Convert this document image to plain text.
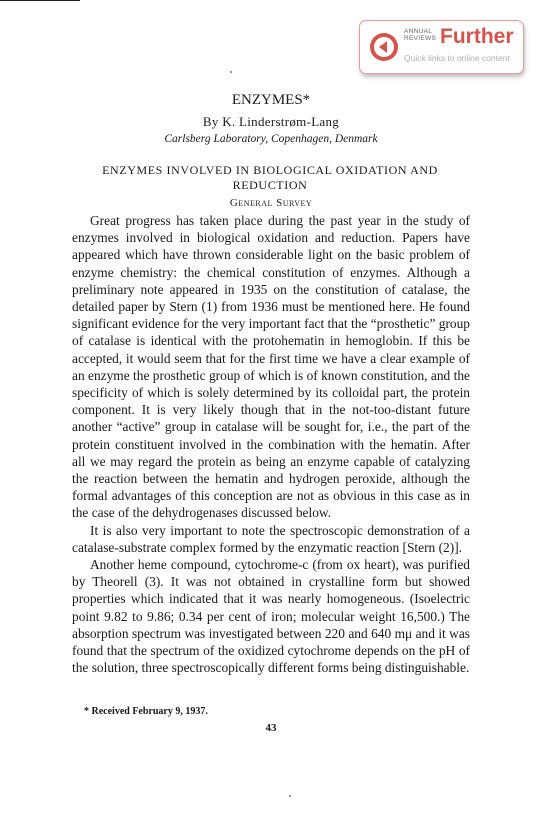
ANNUAL
REVIEWS Further
Quick links to online content
ENZYMES*
By K. Linderstrøm-Lang
Carlsberg Laboratory, Copenhagen, Denmark
ENZYMES INVOLVED IN BIOLOGICAL OXIDATION AND REDUCTION
General Survey

Great progress has taken place during the past year in the study of enzymes involved in biological oxidation and reduction. Papers have appeared which have thrown considerable light on the basic problem of enzyme chemistry: the chemical constitution of enzymes. Although a preliminary note appeared in 1935 on the constitution of catalase, the detailed paper by Stern (1) from 1936 must be mentioned here. He found significant evidence for the very important fact that the “prosthetic” group of catalase is identical with the protohematin in hemoglobin. If this be accepted, it would seem that for the first time we have a clear example of an enzyme the prosthetic group of which is of known constitution, and the specificity of which is solely determined by its colloidal part, the protein component. It is very likely though that in the not-too-distant future another “active” group in catalase will be sought for, i.e., the part of the protein constituent involved in the combination with the hematin. After all we may regard the protein as being an enzyme capable of catalyzing the reaction between the hematin and hydrogen peroxide, although the formal advantages of this conception are not as obvious in this case as in the case of the dehydrogenases discussed below.

It is also very important to note the spectroscopic demonstration of a catalase-substrate complex formed by the enzymatic reaction [Stern (2)].

Another heme compound, cytochrome-c (from ox heart), was purified by Theorell (3). It was not obtained in crystalline form but showed properties which indicated that it was nearly homogeneous. (Isoelectric point 9.82 to 9.86; 0.34 per cent of iron; molecular weight 16,500.) The absorption spectrum was investigated between 220 and 640 mμ and it was found that the spectrum of the oxidized cytochrome depends on the pH of the solution, three spectroscopically different forms being distinguishable.

* Received February 9, 1937.
43
